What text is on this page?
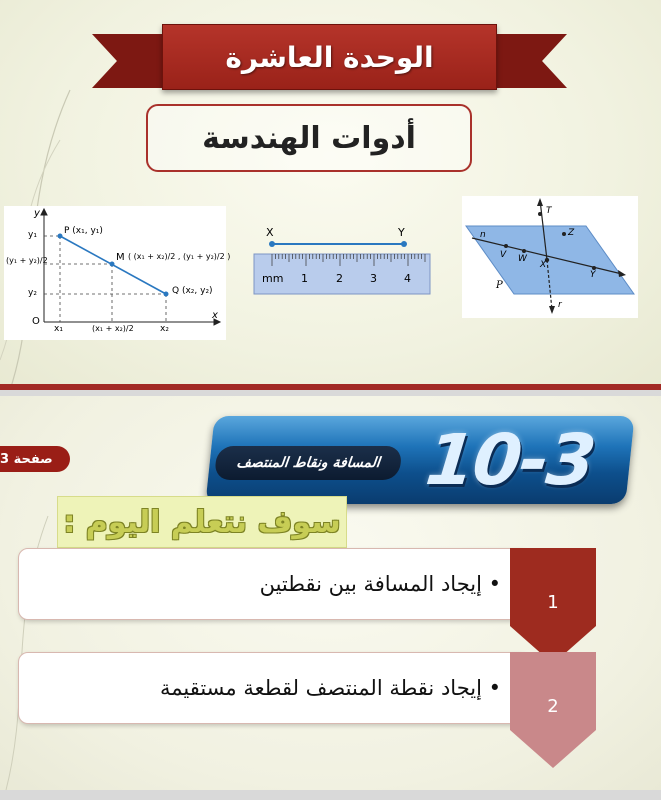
الوحدة العاشرة
أدوات الهندسة
y
x
O
P (x₁, y₁)
M ( (x₁ + x₂)/2 , (y₁ + y₂)/2 )
Q (x₂, y₂)
y₁
(y₁ + y₂)/2
y₂
x₁	(x₁ + x₂)/2	x₂
X	Y
mm 1	2 3 4
T
Z
n
V W
X
Y
r
P
صفحة 3	المسافة ونقاط المنتصف 10-3
سوف نتعلم اليوم :
• إيجاد المسافة بين نقطتين
1
• إيجاد نقطة المنتصف لقطعة مستقيمة
2
